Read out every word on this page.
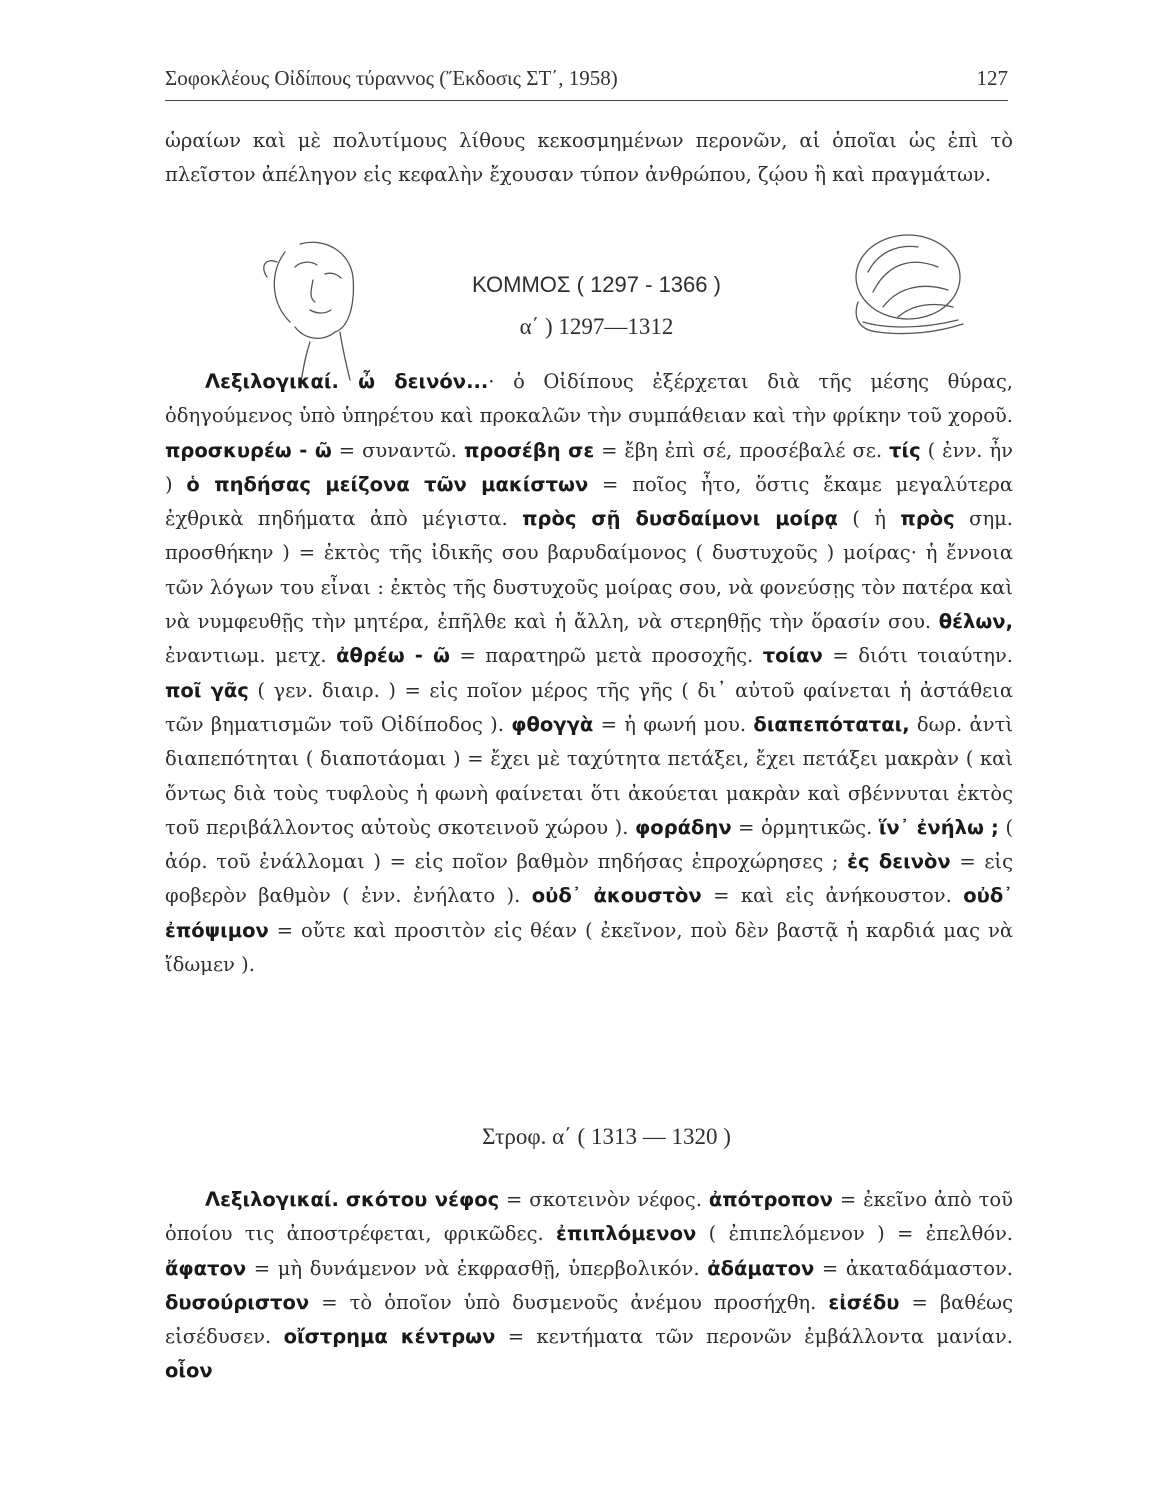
Σοφοκλέους Οἰδίπους τύραννος (Ἔκδοσις ΣΤ΄, 1958)	127

ὡραίων καὶ μὲ πολυτίμους λίθους κεκοσμημένων περονῶν, αἱ ὁποῖαι ὡς ἐπὶ τὸ πλεῖστον ἀπέληγον εἰς κεφαλὴν ἔχουσαν τύπον ἀνθρώπου, ζῴου ἢ καὶ πραγμάτων.

ΚΟΜΜΟΣ ( 1297 - 1366 )
α΄ ) 1297—1312

Λεξιλογικαί. ὦ δεινόν...· ὁ Οἰδίπους ἐξέρχεται διὰ τῆς μέσης θύρας, ὁδηγούμενος ὑπὸ ὑπηρέτου καὶ προκαλῶν τὴν συμπάθειαν καὶ τὴν φρίκην τοῦ χοροῦ. προσκυρέω - ῶ = συναντῶ. προσέβη σε = ἔβη ἐπὶ σέ, προσέβαλέ σε. τίς ( ἐνν. ἦν ) ὁ πηδήσας μείζονα τῶν μακίστων = ποῖος ἦτο, ὅστις ἔκαμε μεγαλύτερα ἐχθρικὰ πηδήματα ἀπὸ μέγιστα. πρὸς σῇ δυσδαίμονι μοίρᾳ ( ἡ πρὸς σημ. προσθήκην ) = ἐκτὸς τῆς ἰδικῆς σου βαρυδαίμονος ( δυστυχοῦς ) μοίρας· ἡ ἔννοια τῶν λόγων του εἶναι : ἐκτὸς τῆς δυστυχοῦς μοίρας σου, νὰ φονεύσῃς τὸν πατέρα καὶ νὰ νυμφευθῇς τὴν μητέρα, ἐπῆλθε καὶ ἡ ἄλλη, νὰ στερηθῇς τὴν ὅρασίν σου. θέλων, ἐναντιωμ. μετχ. ἀθρέω - ῶ = παρατηρῶ μετὰ προσοχῆς. τοίαν = διότι τοιαύτην. ποῖ γᾶς ( γεν. διαιρ. ) = εἰς ποῖον μέρος τῆς γῆς ( δι᾿ αὐτοῦ φαίνεται ἡ ἀστάθεια τῶν βηματισμῶν τοῦ Οἰδίποδος ). φθογγὰ = ἡ φωνή μου. διαπεπόταται, δωρ. ἀντὶ διαπεπότηται ( διαποτάομαι ) = ἔχει μὲ ταχύτητα πετάξει, ἔχει πετάξει μακρὰν ( καὶ ὄντως διὰ τοὺς τυφλοὺς ἡ φωνὴ φαίνεται ὅτι ἀκούεται μακρὰν καὶ σβέννυται ἐκτὸς τοῦ περιβάλλοντος αὐτοὺς σκοτεινοῦ χώρου ). φοράδην = ὁρμητικῶς. ἵν᾿ ἐνήλω ; ( ἀόρ. τοῦ ἐνάλλομαι ) = εἰς ποῖον βαθμὸν πηδήσας ἐπροχώρησες ; ἐς δεινὸν = εἰς φοβερὸν βαθμὸν ( ἐνν. ἐνήλατο ). οὐδ᾿ ἀκουστὸν = καὶ εἰς ἀνήκουστον. οὐδ᾿ ἐπόψιμον = οὔτε καὶ προσιτὸν εἰς θέαν ( ἐκεῖνον, ποὺ δὲν βαστᾷ ἡ καρδιά μας νὰ ἴδωμεν ).

Στροφ. α΄ ( 1313 — 1320 )

Λεξιλογικαί. σκότου νέφος = σκοτεινὸν νέφος. ἀπότροπον = ἐκεῖνο ἀπὸ τοῦ ὁποίου τις ἀποστρέφεται, φρικῶδες. ἐπιπλόμενον ( ἐπιπελόμενον ) = ἐπελθόν. ἄφατον = μὴ δυνάμενον νὰ ἐκφρασθῇ, ὑπερβολικόν. ἀδάματον = ἀκαταδάμαστον. δυσούριστον = τὸ ὁποῖον ὑπὸ δυσμενοῦς ἀνέμου προσήχθη. εἰσέδυ = βαθέως εἰσέδυσεν. οἴστρημα κέντρων = κεντήματα τῶν περονῶν ἐμβάλλοντα μανίαν. οἷον
